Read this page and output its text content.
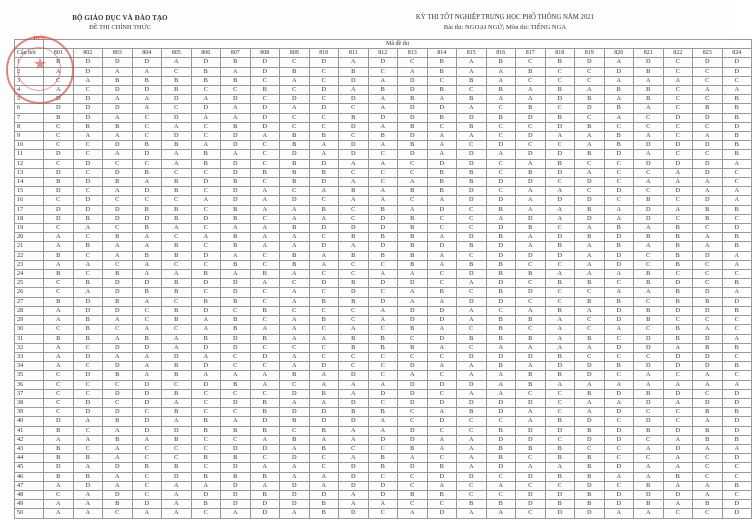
BỘ GIÁO DỤC VÀ ĐÀO TẠO
ĐỀ THI CHÍNH THỨC
KỲ THI TỐT NGHIỆP TRUNG HỌC PHỔ THÔNG NĂM 2021
Bài thi: NGOẠI NGỮ; Môn thi: TIẾNG NGA
	Mã đề thi																							
Câu hỏi	801	802	803	804	805	806	807	808	809	810	811	812	813	814	815	816	817	818	819	820	821	822	823	824
1	B	D	D	D	A	D	B	D	C	D	A	D	C	B	A	B	C	B	D	A	D	C	D	D
2	A	D	A	A	C	B	A	D	B	C	B	C	A	B	A	A	B	C	C	D	B	C	C	D
3	C	A	B	B	B	B	B	C	A	C	D	A	D	C	B	A	C	C	C	A	A	A	C	C
4	A	C	D	D	B	C	C	B	C	D	A	B	D	B	C	B	A	B	A	B	B	C	A	A
5	D	D	A	A	D	A	D	C	D	C	D	A	B	A	B	A	A	D	B	A	B	C	C	B
6	D	D	D	A	C	D	A	D	A	D	C	A	D	D	A	C	B	C	D	B	A	C	B	B
7	B	D	A	C	D	A	A	D	C	C	B	D	D	B	D	B	D	B	C	A	C	D	D	B
8	C	B	B	C	A	C	B	D	C	C	D	A	B	C	B	C	C	D	B	C	C	C	C	D
9	C	A	A	C	D	C	D	A	B	B	C	B	D	A	A	C	D	A	A	B	A	C	A	B
10	C	C	D	B	B	A	D	C	B	A	D	A	B	A	C	D	C	C	A	B	D	D	D	B
11	D	C	A	D	A	B	A	C	D	A	D	C	D	A	D	A	D	D	B	D	A	C	C	B
12	C	D	C	C	A	B	D	C	B	D	A	A	C	D	D	C	A	B	C	C	D	D	D	A
13	D	C	D	B	C	C	D	B	B	B	C	C	C	B	B	C	B	D	A	C	C	A	D	C
14	B	D	B	A	B	D	B	C	B	D	A	C	A	B	B	D	D	C	D	C	A	A	A	C
15	D	C	A	D	B	C	D	A	C	A	B	A	B	B	D	C	A	A	C	D	C	D	A	A
16	C	D	C	C	C	A	D	A	D	C	A	A	C	A	D	D	A	D	D	C	B	C	D	A
17	D	D	D	B	B	C	B	A	A	B	C	B	A	D	C	B	A	A	B	A	D	A	B	B
18	D	B	D	D	B	D	B	C	A	A	C	D	B	C	C	A	D	A	D	A	D	C	B	C
19	C	A	C	B	A	C	A	A	B	D	D	D	B	C	C	D	B	C	A	B	A	B	C	D
20	A	C	B	A	C	A	B	A	A	C	B	B	B	A	D	B	A	D	B	D	B	B	A	B
21	A	B	A	A	B	C	B	A	A	D	A	D	B	D	B	D	A	B	A	B	A	B	A	B
22	B	C	A	B	B	D	A	C	B	A	B	B	B	A	C	D	D	D	A	D	C	B	D	A
23	A	A	C	A	C	C	B	C	B	A	C	C	B	A	B	B	C	C	A	D	C	B	C	A
24	B	C	B	A	A	B	A	B	A	C	C	A	A	C	D	B	B	A	A	A	B	C	C	C
25	C	B	D	D	B	D	D	A	C	D	B	D	D	C	A	D	C	B	B	C	B	D	C	B
26	C	A	D	B	B	C	D	C	A	C	D	C	A	B	C	B	D	C	C	A	A	B	D	A
27	B	D	B	A	C	B	B	C	A	B	B	D	A	A	D	D	C	C	B	B	C	B	B	D
28	A	D	D	C	B	D	C	B	C	C	C	A	D	D	A	C	A	B	A	D	B	D	D	B
29	A	B	A	C	B	A	B	C	A	B	C	A	D	D	A	B	B	A	C	D	B	C	C	C
30	C	B	C	A	C	A	B	A	A	C	A	C	B	A	C	B	C	A	C	A	C	B	A	C
31	B	B	A	B	A	B	D	B	A	A	B	B	C	D	B	B	B	A	B	C	D	B	D	A
32	A	C	D	D	A	D	D	C	C	C	B	B	B	A	C	A	A	A	A	D	D	A	B	B
33	A	D	A	A	D	A	C	D	A	C	C	C	C	C	D	D	D	B	C	C	C	D	D	C
34	A	C	D	A	B	D	C	C	A	D	C	C	D	A	A	B	A	D	D	B	D	D	D	B
35	C	D	B	A	B	A	A	A	B	A	D	C	A	C	A	A	B	B	D	C	A	C	A	C
36	C	C	C	D	C	D	B	A	C	A	A	A	D	D	D	A	B	A	A	A	A	A	A	A
37	C	C	D	D	B	C	C	C	D	B	A	D	D	C	A	A	C	C	B	D	B	D	C	D
38	C	D	C	D	A	C	D	B	A	A	D	C	D	D	D	D	D	C	A	A	D	A	D	D
39	C	D	D	C	B	C	C	B	D	D	B	B	C	A	B	D	A	C	A	D	C	C	B	B
40	D	A	B	D	A	B	A	D	B	D	D	A	C	D	C	C	A	B	D	C	D	C	A	D
41	B	C	A	D	D	B	B	B	C	B	A	A	D	C	C	B	D	D	B	D	B	D	B	D
42	A	A	B	A	B	C	C	A	B	A	A	D	D	A	A	D	D	C	D	D	C	A	B	B
43	B	C	A	C	C	C	D	D	A	B	C	C	B	A	A	B	B	B	C	C	A	D	A	A
44	B	B	A	C	C	B	B	C	D	C	A	B	A	C	A	B	C	B	B	C	C	A	C	D
45	D	A	D	B	B	C	D	A	A	C	D	B	D	B	A	D	A	A	B	D	A	A	C	C
46	B	B	A	C	D	B	B	B	A	A	D	C	C	D	D	C	D	B	B	A	A	B	C	C
47	A	D	A	C	A	A	D	A	D	A	D	D	C	A	C	A	C	C	D	C	B	A	A	B
48	C	A	D	C	A	D	D	B	D	D	A	D	B	B	C	C	D	D	B	D	D	D	A	C
49	A	A	B	D	A	B	D	D	D	B	A	A	C	C	B	B	D	B	B	D	B	A	B	D
50	A	A	C	A	A	C	A	D	A	B	D	C	A	D	A	A	C	D	D	A	A	C	C	D
ĐỨC
★
